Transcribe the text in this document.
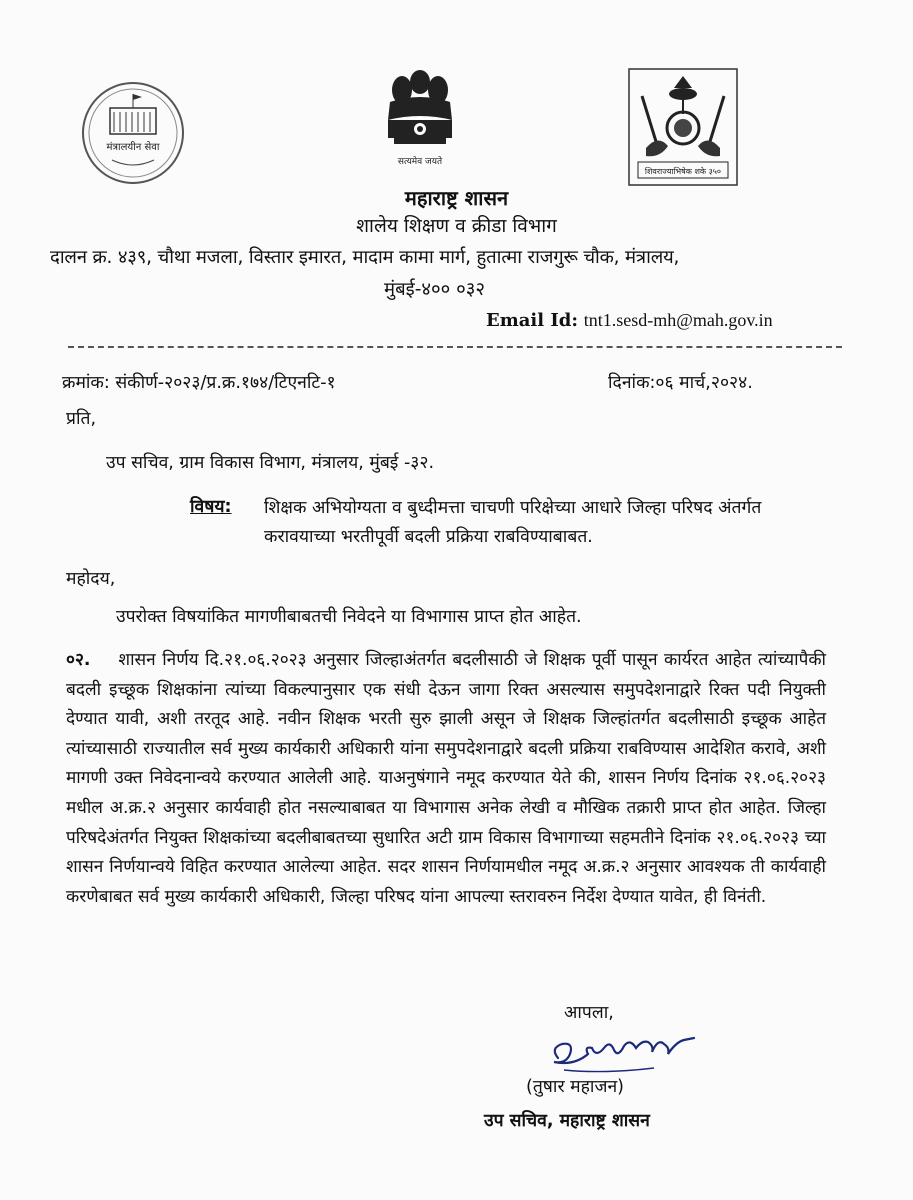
मंत्रालयीन सेवा
सत्यमेव जयते
शिवराज्याभिषेक शके ३५०
महाराष्ट्र शासन
शालेय शिक्षण व क्रीडा विभाग
दालन क्र. ४३९, चौथा मजला, विस्तार इमारत, मादाम कामा मार्ग, हुतात्मा राजगुरू चौक, मंत्रालय,
मुंबई-४०० ०३२
Email Id: tnt1.sesd-mh@mah.gov.in
क्रमांक: संकीर्ण-२०२३/प्र.क्र.१७४/टिएनटि-१	दिनांक:०६ मार्च,२०२४.
प्रति,
उप सचिव, ग्राम विकास विभाग, मंत्रालय, मुंबई -३२.
विषय: शिक्षक अभियोग्यता व बुध्दीमत्ता चाचणी परिक्षेच्या आधारे जिल्हा परिषद अंतर्गत करावयाच्या भरतीपूर्वी बदली प्रक्रिया राबविण्याबाबत.
महोदय,
उपरोक्त विषयांकित मागणीबाबतची निवेदने या विभागास प्राप्त होत आहेत.
०२. शासन निर्णय दि.२१.०६.२०२३ अनुसार जिल्हाअंतर्गत बदलीसाठी जे शिक्षक पूर्वी पासून कार्यरत आहेत त्यांच्यापैकी बदली इच्छूक शिक्षकांना त्यांच्या विकल्पानुसार एक संधी देऊन जागा रिक्त असल्यास समुपदेशनाद्वारे रिक्त पदी नियुक्ती देण्यात यावी, अशी तरतूद आहे. नवीन शिक्षक भरती सुरु झाली असून जे शिक्षक जिल्हांतर्गत बदलीसाठी इच्छूक आहेत त्यांच्यासाठी राज्यातील सर्व मुख्य कार्यकारी अधिकारी यांना समुपदेशनाद्वारे बदली प्रक्रिया राबविण्यास आदेशित करावे, अशी मागणी उक्त निवेदनान्वये करण्यात आलेली आहे. याअनुषंगाने नमूद करण्यात येते की, शासन निर्णय दिनांक २१.०६.२०२३ मधील अ.क्र.२ अनुसार कार्यवाही होत नसल्याबाबत या विभागास अनेक लेखी व मौखिक तक्रारी प्राप्त होत आहेत. जिल्हा परिषदेअंतर्गत नियुक्त शिक्षकांच्या बदलीबाबतच्या सुधारित अटी ग्राम विकास विभागाच्या सहमतीने दिनांक २१.०६.२०२३ च्या शासन निर्णयान्वये विहित करण्यात आलेल्या आहेत. सदर शासन निर्णयामधील नमूद अ.क्र.२ अनुसार आवश्यक ती कार्यवाही करणेबाबत सर्व मुख्य कार्यकारी अधिकारी, जिल्हा परिषद यांना आपल्या स्तरावरुन निर्देश देण्यात यावेत, ही विनंती.
आपला,
(तुषार महाजन)
उप सचिव, महाराष्ट्र शासन
